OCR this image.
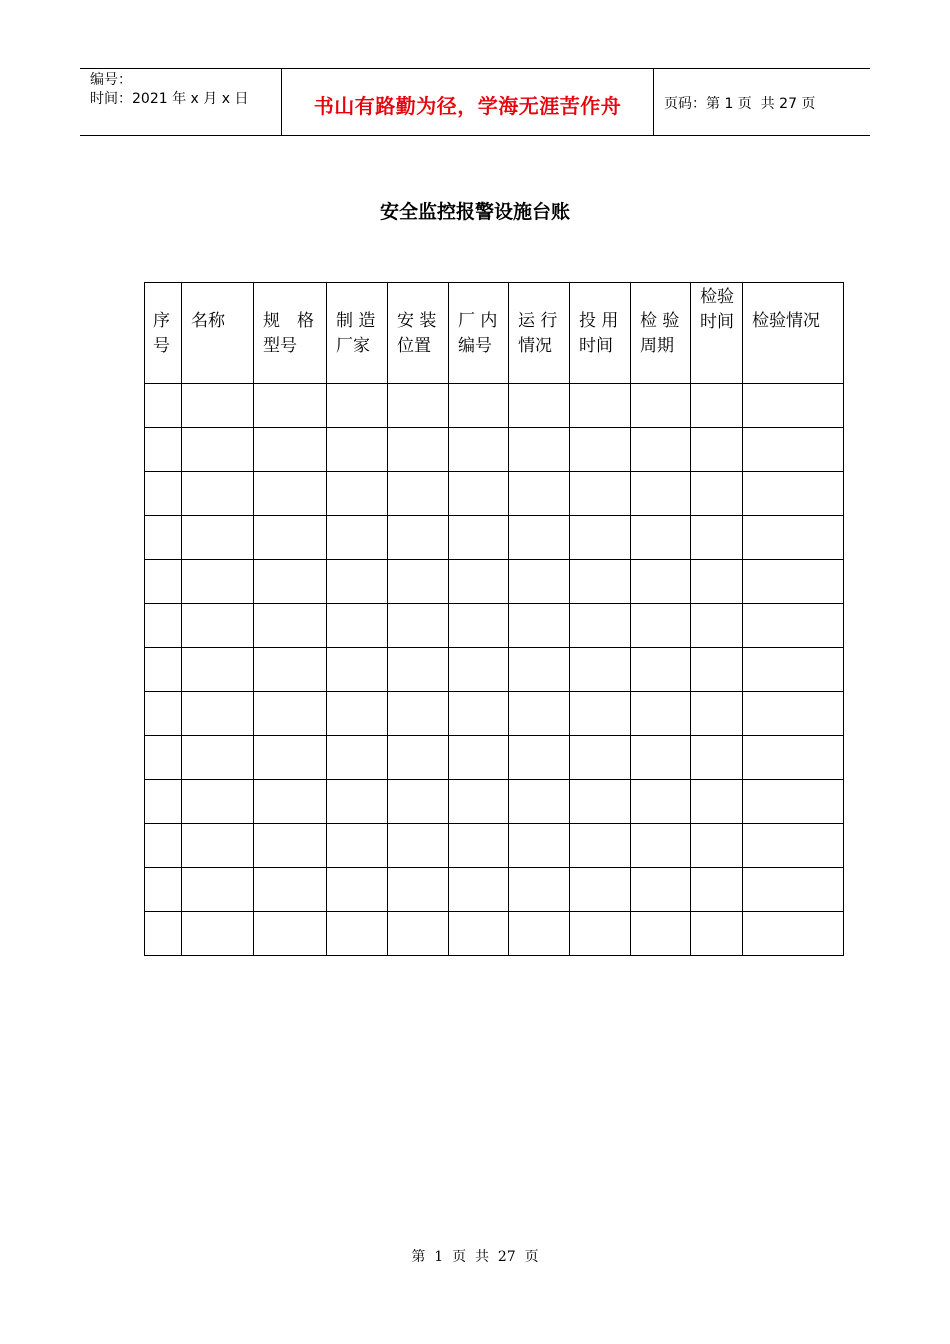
编号：
时间：2021 年 x 月 x 日	书山有路勤为径，学海无涯苦作舟	页码：第 1 页  共 27 页
安全监控报警设施台账
序号	名称	规　格型号	制 造厂家	安 装位置	厂 内编号	运 行情况	投 用时间	检 验周期	检验时间	检验情况

第  1  页  共  27  页
